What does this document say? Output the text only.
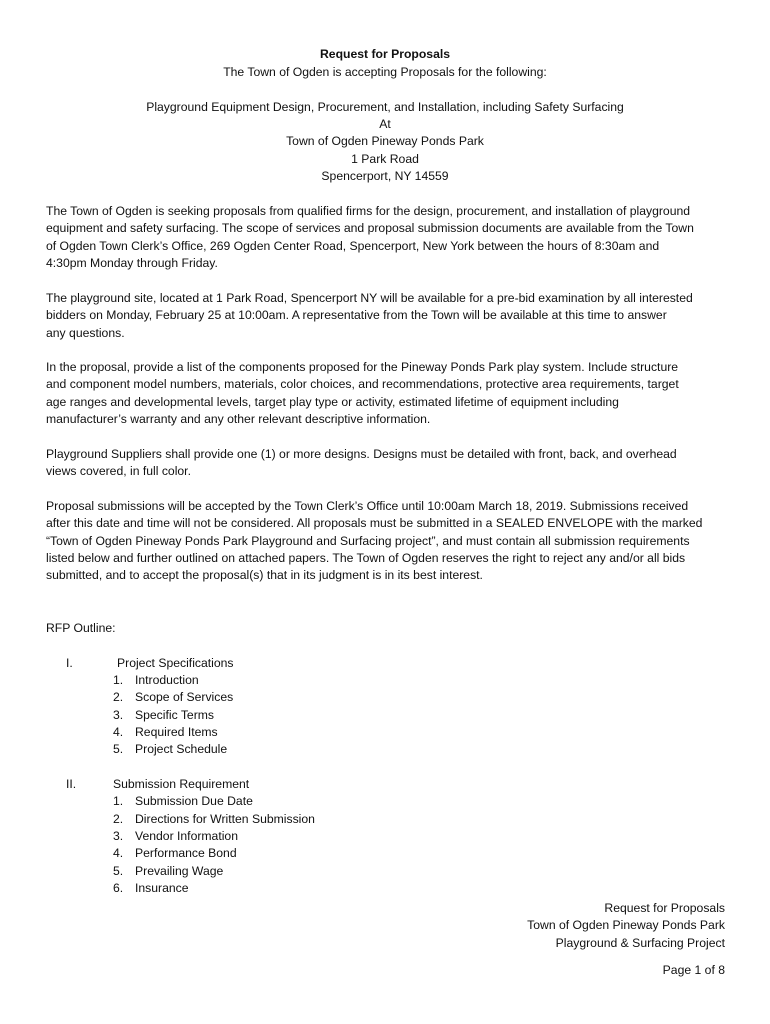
Request for Proposals
The Town of Ogden is accepting Proposals for the following:
Playground Equipment Design, Procurement, and Installation, including Safety Surfacing
At
Town of Ogden Pineway Ponds Park
1 Park Road
Spencerport, NY 14559
The Town of Ogden is seeking proposals from qualified firms for the design, procurement, and installation of playground
equipment and safety surfacing. The scope of services and proposal submission documents are available from the Town
of Ogden Town Clerk’s Office, 269 Ogden Center Road, Spencerport, New York between the hours of 8:30am and
4:30pm Monday through Friday.
The playground site, located at 1 Park Road, Spencerport NY will be available for a pre-bid examination by all interested
bidders on Monday, February 25 at 10:00am. A representative from the Town will be available at this time to answer
any questions.
In the proposal, provide a list of the components proposed for the Pineway Ponds Park play system. Include structure
and component model numbers, materials, color choices, and recommendations, protective area requirements, target
age ranges and developmental levels, target play type or activity, estimated lifetime of equipment including
manufacturer’s warranty and any other relevant descriptive information.
Playground Suppliers shall provide one (1) or more designs. Designs must be detailed with front, back, and overhead
views covered, in full color.
Proposal submissions will be accepted by the Town Clerk’s Office until 10:00am March 18, 2019. Submissions received
after this date and time will not be considered. All proposals must be submitted in a SEALED ENVELOPE with the marked
“Town of Ogden Pineway Ponds Park Playground and Surfacing project”, and must contain all submission requirements
listed below and further outlined on attached papers. The Town of Ogden reserves the right to reject any and/or all bids
submitted, and to accept the proposal(s) that in its judgment is in its best interest.
RFP Outline:
I.	Project Specifications
1. Introduction
2. Scope of Services
3. Specific Terms
4. Required Items
5. Project Schedule
II.	Submission Requirement
1. Submission Due Date
2. Directions for Written Submission
3. Vendor Information
4. Performance Bond
5. Prevailing Wage
6. Insurance
Request for Proposals
Town of Ogden Pineway Ponds Park
Playground & Surfacing Project
Page 1 of 8
